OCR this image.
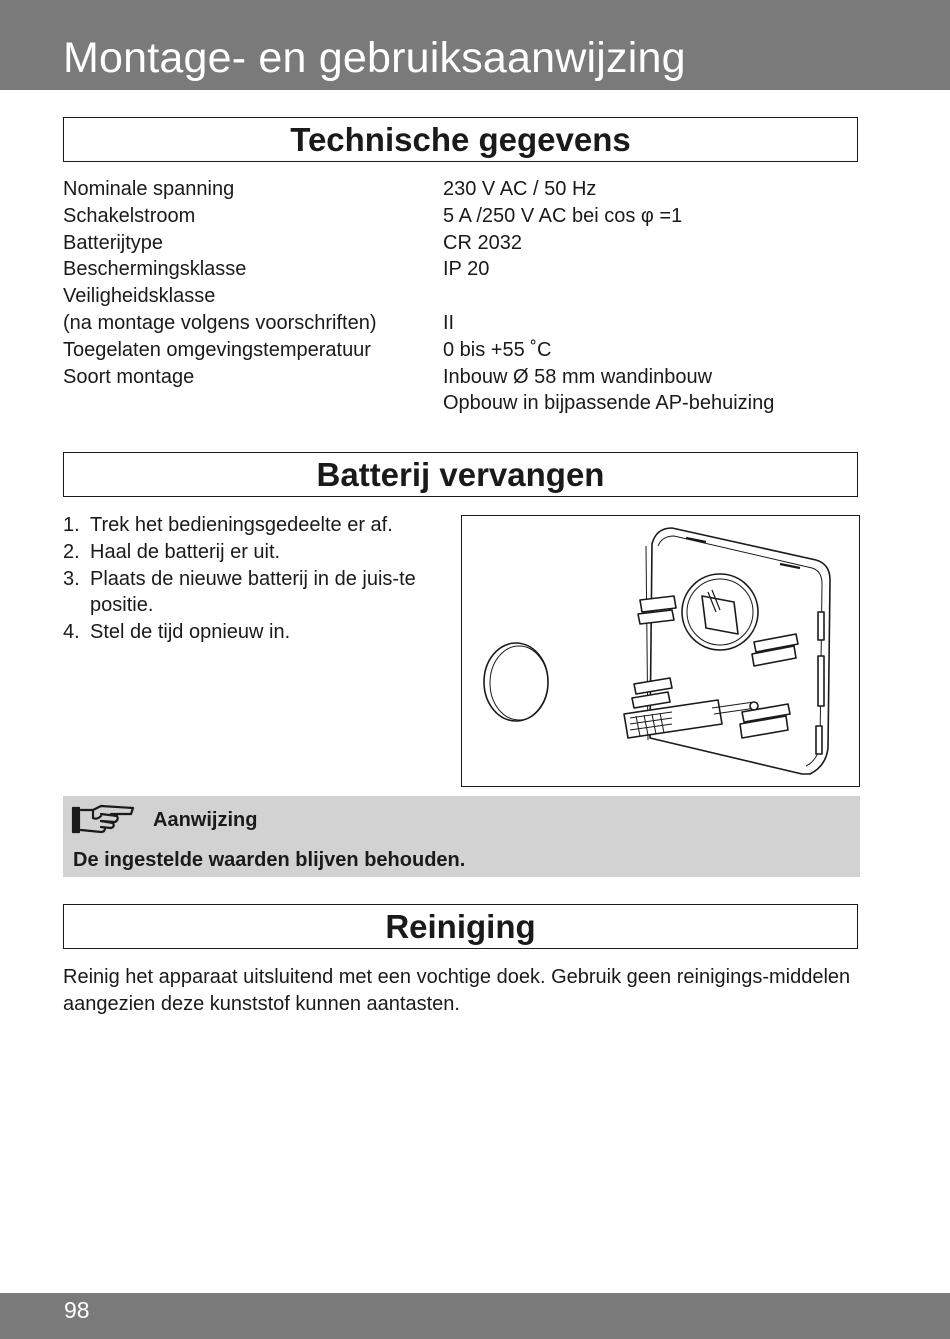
Montage- en gebruiksaanwijzing
Technische gegevens
Nominale spanning	230 V AC / 50 Hz
Schakelstroom	5 A /250 V AC bei cos φ =1
Batterijtype	CR 2032
Beschermingsklasse	IP 20
Veiligheidsklasse
(na montage volgens voorschriften)	II
Toegelaten omgevingstemperatuur	0 bis +55 ˚C
Soort montage	Inbouw Ø 58 mm wandinbouw
Opbouw in bijpassende AP-behuizing
Batterij vervangen
1. Trek het bedieningsgedeelte er af.
2. Haal de batterij er uit.
3. Plaats de nieuwe batterij in de juis-te positie.
4. Stel de tijd opnieuw in.
Aanwijzing
De ingestelde waarden blijven behouden.
Reiniging
Reinig het apparaat uitsluitend met een vochtige doek. Gebruik geen reinigings-middelen aangezien deze kunststof kunnen aantasten.
98
